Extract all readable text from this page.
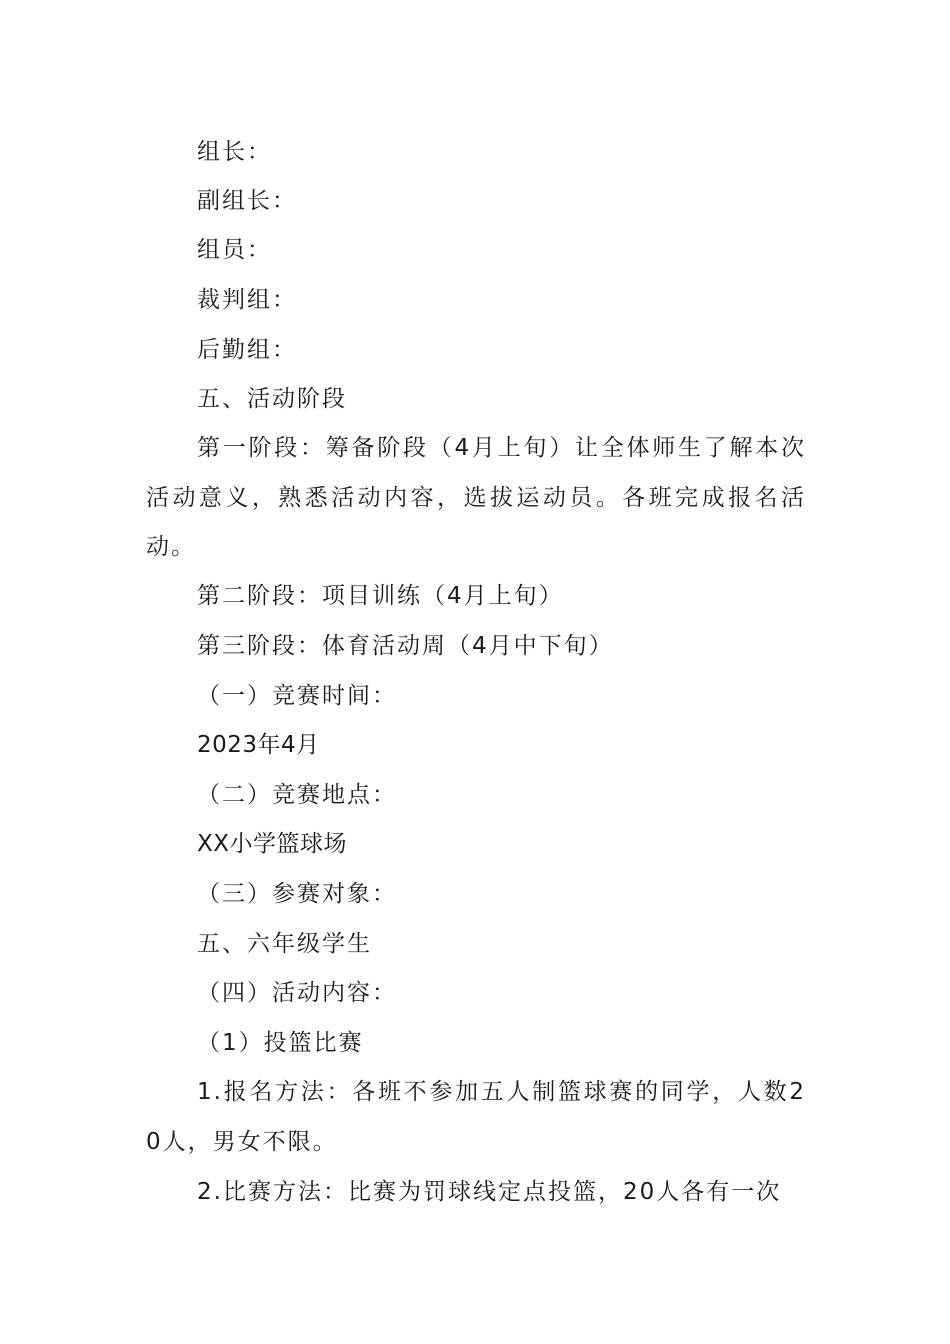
组长：

副组长：

组员：

裁判组：

后勤组：

五、活动阶段

第一阶段：筹备阶段（4月上旬）让全体师生了解本次活动意义，熟悉活动内容，选拔运动员。各班完成报名活动。

第二阶段：项目训练（4月上旬）

第三阶段：体育活动周（4月中下旬）

（一）竞赛时间：

2023年4月

（二）竞赛地点：

XX小学篮球场

（三）参赛对象：

五、六年级学生

（四）活动内容：

（1）投篮比赛

1.报名方法：各班不参加五人制篮球赛的同学，人数20人，男女不限。

2.比赛方法：比赛为罚球线定点投篮，20人各有一次
